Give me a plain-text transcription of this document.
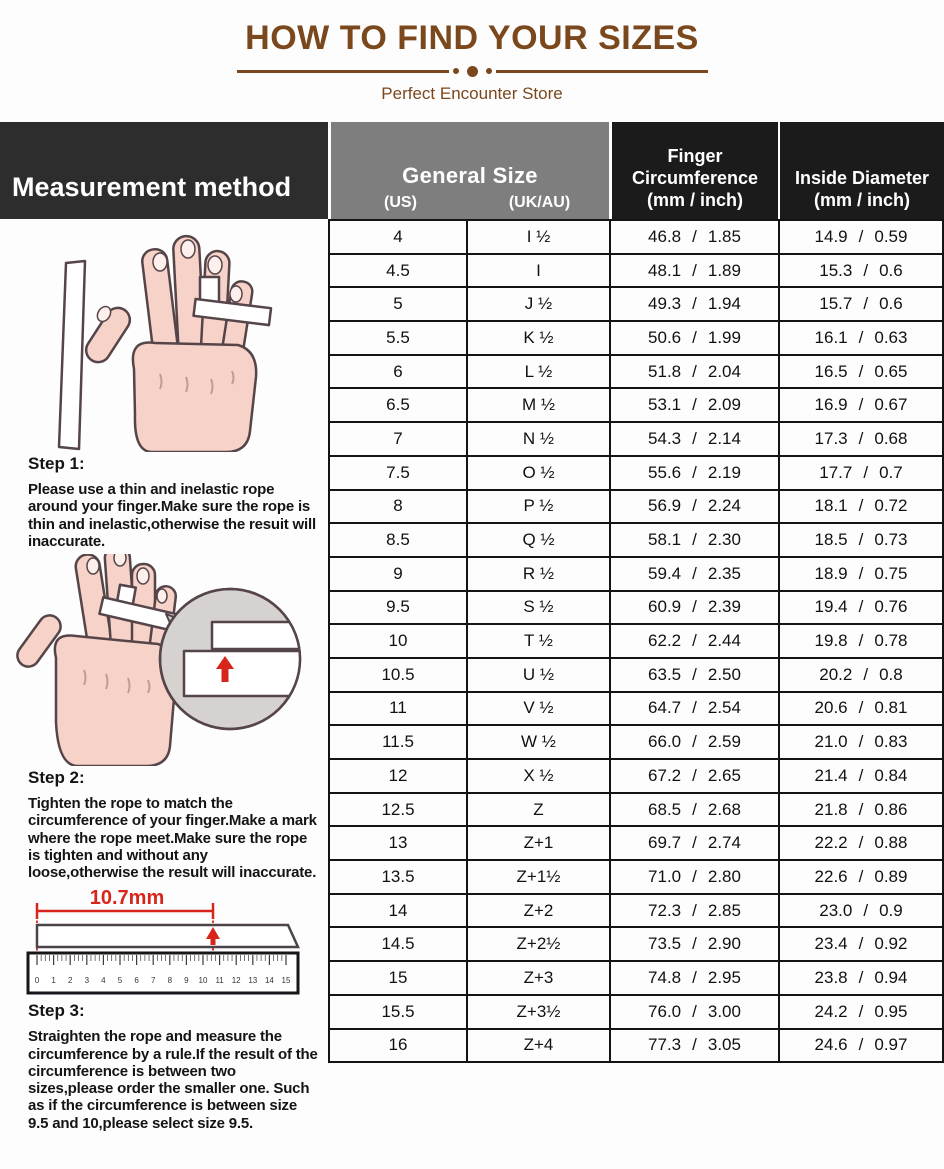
HOW TO FIND YOUR SIZES
Perfect Encounter Store
Measurement method
Step 1:

Please use a thin and inelastic rope around your finger.Make sure the rope is thin and inelastic,otherwise the resuit will inaccurate.

Step 2:

Tighten the rope to match the circumference of your finger.Make a mark where the rope meet.Make sure the rope is tighten and without any loose,otherwise the result will inaccurate.

10.7mm
0 1 2 3 4 5 6 7 8 9 10 11 12 13 14 15
Step 3:

Straighten the rope and measure the circumference by a rule.If the result of the circumference is between two sizes,please order the smaller one. Such as if the circumference is between size 9.5 and 10,please select size 9.5.

General Size
(US)	(UK/AU)
Finger
Circumference
(mm / inch)
Inside Diameter
(mm / inch)
4	I ½	46.8 / 1.85	14.9 / 0.59
4.5	I	48.1 / 1.89	15.3 / 0.6
5	J ½	49.3 / 1.94	15.7 / 0.6
5.5	K ½	50.6 / 1.99	16.1 / 0.63
6	L ½	51.8 / 2.04	16.5 / 0.65
6.5	M ½	53.1 / 2.09	16.9 / 0.67
7	N ½	54.3 / 2.14	17.3 / 0.68
7.5	O ½	55.6 / 2.19	17.7 / 0.7
8	P ½	56.9 / 2.24	18.1 / 0.72
8.5	Q ½	58.1 / 2.30	18.5 / 0.73
9	R ½	59.4 / 2.35	18.9 / 0.75
9.5	S ½	60.9 / 2.39	19.4 / 0.76
10	T ½	62.2 / 2.44	19.8 / 0.78
10.5	U ½	63.5 / 2.50	20.2 / 0.8
11	V ½	64.7 / 2.54	20.6 / 0.81
11.5	W ½	66.0 / 2.59	21.0 / 0.83
12	X ½	67.2 / 2.65	21.4 / 0.84
12.5	Z	68.5 / 2.68	21.8 / 0.86
13	Z+1	69.7 / 2.74	22.2 / 0.88
13.5	Z+1½	71.0 / 2.80	22.6 / 0.89
14	Z+2	72.3 / 2.85	23.0 / 0.9
14.5	Z+2½	73.5 / 2.90	23.4 / 0.92
15	Z+3	74.8 / 2.95	23.8 / 0.94
15.5	Z+3½	76.0 / 3.00	24.2 / 0.95
16	Z+4	77.3 / 3.05	24.6 / 0.97
